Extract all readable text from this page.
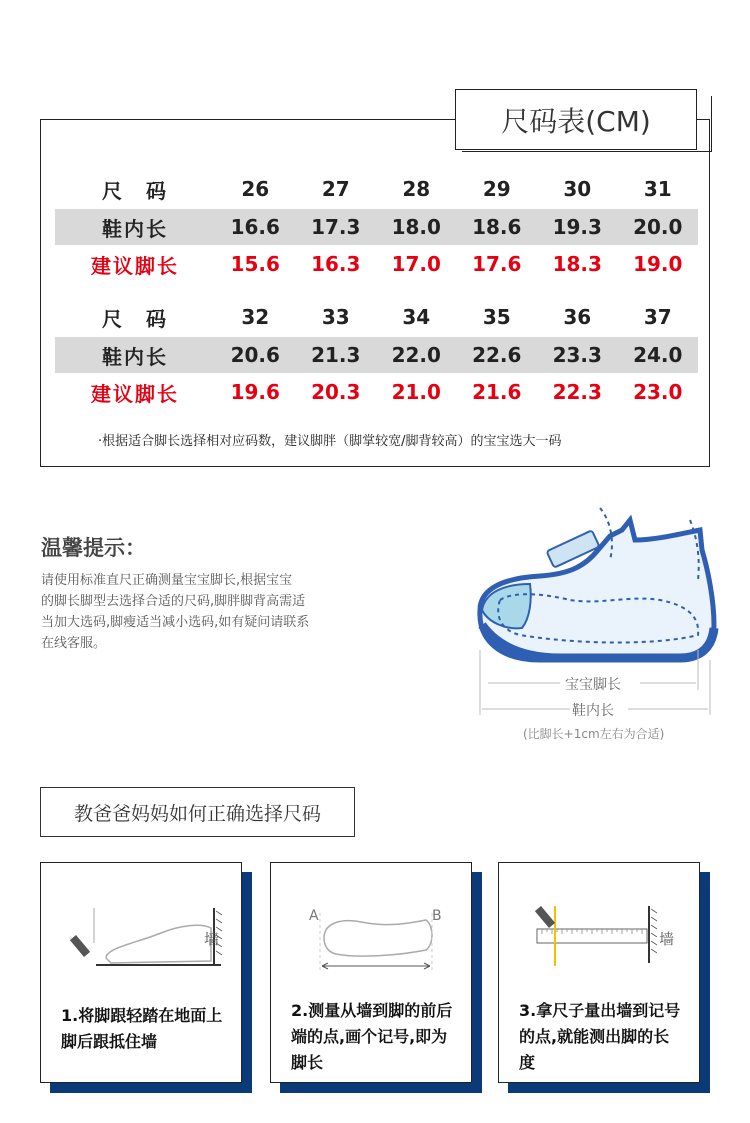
尺码表(CM)
尺　码	26	27	28	29	30	31
鞋内长	16.6	17.3	18.0	18.6	19.3	20.0
建议脚长	15.6	16.3	17.0	17.6	18.3	19.0
尺　码	32	33	34	35	36	37
鞋内长	20.6	21.3	22.0	22.6	23.3	24.0
建议脚长	19.6	20.3	21.0	21.6	22.3	23.0
·根据适合脚长选择相对应码数，建议脚胖（脚掌较宽/脚背较高）的宝宝选大一码
温馨提示：
请使用标准直尺正确测量宝宝脚长,根据宝宝
的脚长脚型去选择合适的尺码,脚胖脚背高需适
当加大选码,脚瘦适当减小选码,如有疑问请联系
在线客服。
宝宝脚长
鞋内长
(比脚长+1cm左右为合适)
教爸爸妈妈如何正确选择尺码
墙
1.将脚跟轻踏在地面上
脚后跟抵住墙
A	B
2.测量从墙到脚的前后
端的点,画个记号,即为
脚长
墙
3.拿尺子量出墙到记号
的点,就能测出脚的长
度
